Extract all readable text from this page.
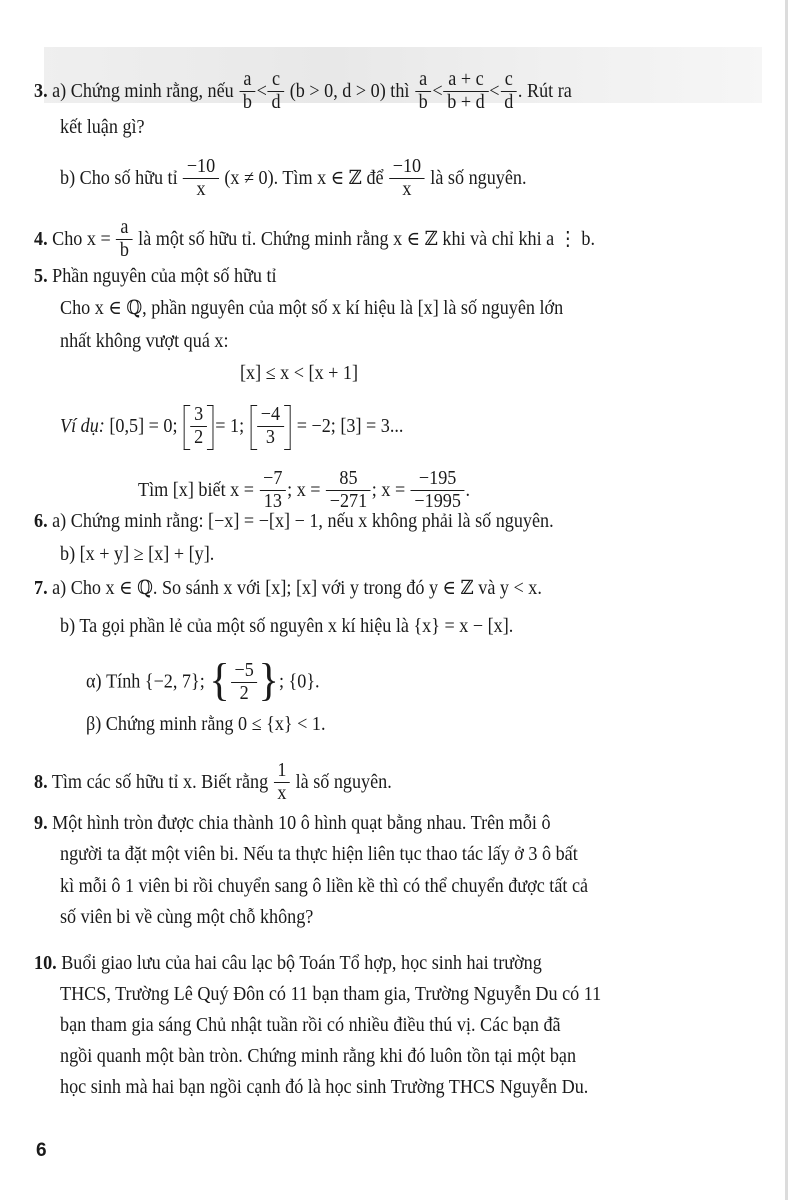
3. a) Chứng minh rằng, nếu $\frac{a}{b} < \frac{c}{d} (b > 0$, d > 0) thì $\frac{a}{b} < \frac{a + c}{b + d} < \frac{c}{d}$ . Rút ra
kết luận gì?
b) Cho số hữu tỉ $\frac{-10}{x} (x \ne 0)$. Tìm x ∈ ℤ để $\frac{-10}{x}$ là số nguyên.
4. Cho $x = \frac{a}{b}$ là một số hữu tỉ. Chứng minh rằng x ∈ ℤ khi và chỉ khi a ⋮ b.
5. Phần nguyên của một số hữu tỉ
Cho x ∈ ℚ, phần nguyên của một số x kí hiệu là [x] là số nguyên lớn
nhất không vượt quá x:
[x] ≤ x < [x + 1]
Ví dụ: [0,5] = 0; $\frac{3}{2} = 1$; $\frac{-4}{3} = -2$; [3] = 3...
Tìm [x] biết $x = \frac{-7}{13}$ ; $x = \frac{85}{-271}$ ; $x = \frac{-195}{-1995}$ .
6. a) Chứng minh rằng: [−x] = −[x] − 1, nếu x không phải là số nguyên.
b) [x + y] ≥ [x] + [y].
7. a) Cho x ∈ ℚ. So sánh x với [x]; [x] với y trong đó y ∈ ℤ và y < x.
b) Ta gọi phần lẻ của một số nguyên x kí hiệu là {x} = x − [x].
α) Tính {−2, 7}; { $\frac{-5}{2}$ }; {0}.
β) Chứng minh rằng 0 ≤ {x} < 1.
8. Tìm các số hữu tỉ x. Biết rằng $\frac{1}{x}$ là số nguyên.
9. Một hình tròn được chia thành 10 ô hình quạt bằng nhau. Trên mỗi ô
người ta đặt một viên bi. Nếu ta thực hiện liên tục thao tác lấy ở 3 ô bất
kì mỗi ô 1 viên bi rồi chuyển sang ô liền kề thì có thể chuyển được tất cả
số viên bi về cùng một chỗ không?
10. Buổi giao lưu của hai câu lạc bộ Toán Tổ hợp, học sinh hai trường
THCS, Trường Lê Quý Đôn có 11 bạn tham gia, Trường Nguyễn Du có 11
bạn tham gia sáng Chủ nhật tuần rồi có nhiều điều thú vị. Các bạn đã
ngồi quanh một bàn tròn. Chứng minh rằng khi đó luôn tồn tại một bạn
học sinh mà hai bạn ngồi cạnh đó là học sinh Trường THCS Nguyễn Du.
6
